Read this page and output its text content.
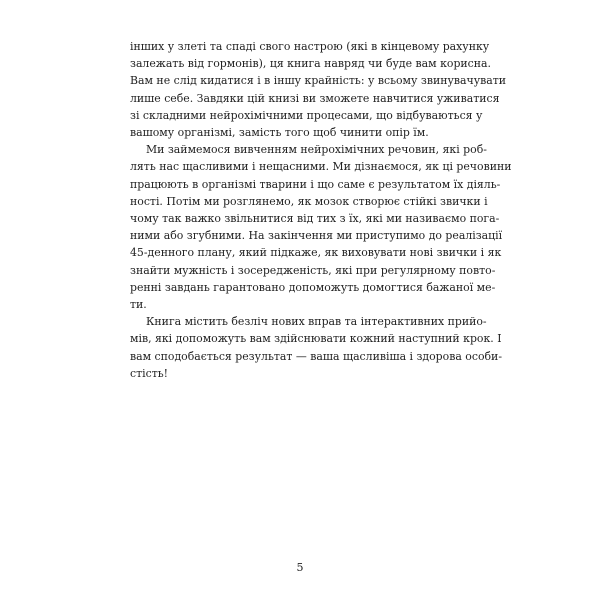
інших у злеті та спаді свого настрою (які в кінцевому рахунку
залежать від гормонів), ця книга навряд чи буде вам корисна.
Вам не слід кидатися і в іншу крайність: у всьому звинувачувати
лише себе. Завдяки цій книзі ви зможете навчитися уживатися
зі складними нейрохімічними процесами, що відбуваються у
вашому організмі, замість того щоб чинити опір їм.
Ми займемося вивченням нейрохімічних речовин, які роб-
лять нас щасливими і нещасними. Ми дізнаємося, як ці речовини
працюють в організмі тварини і що саме є результатом їх діяль-
ності. Потім ми розглянемо, як мозок створює стійкі звички і
чому так важко звільнитися від тих з їх, які ми називаємо пога-
ними або згубними. На закінчення ми приступимо до реалізації
45-денного плану, який підкаже, як виховувати нові звички і як
знайти мужність і зосередженість, які при регулярному повто-
ренні завдань гарантовано допоможуть домогтися бажаної ме-
ти.
Книга містить безліч нових вправ та інтерактивних прийо-
мів, які допоможуть вам здійснювати кожний наступний крок. І
вам сподобається результат — ваша щасливіша і здорова особи-
стість!
5
